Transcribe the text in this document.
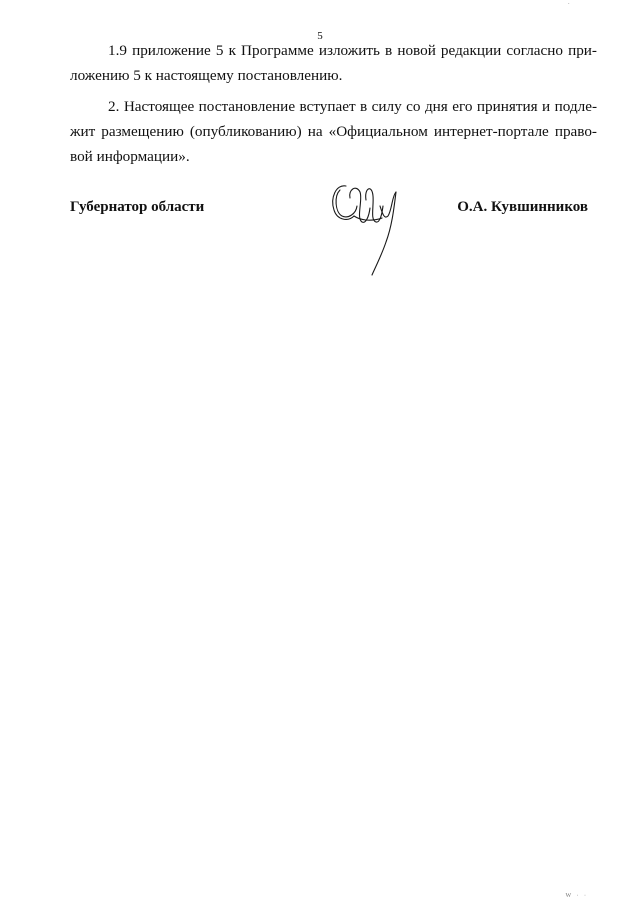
5
·
1.9 приложение 5 к Программе изложить в новой редакции согласно при-
ложению 5 к настоящему постановлению.
2. Настоящее постановление вступает в силу со дня его принятия и подле-
жит размещению (опубликованию) на «Официальном интернет-портале право-
вой информации».
Губернатор области	О.А. Кувшинников
W · ·
